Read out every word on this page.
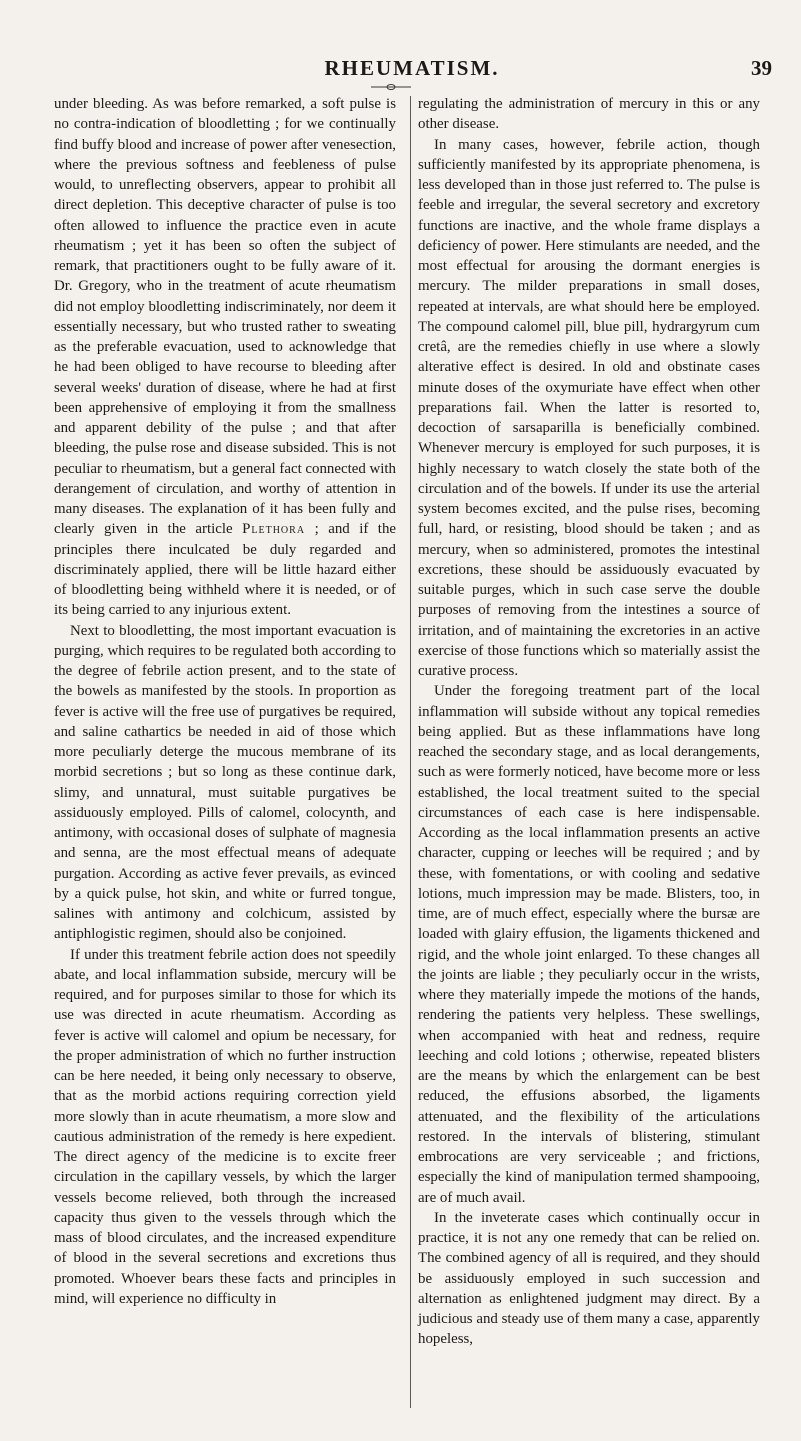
RHEUMATISM.	39

under bleeding. As was before remarked, a soft pulse is no contra-indication of bloodletting ; for we continually find buffy blood and increase of power after venesection, where the previous softness and feebleness of pulse would, to unreflecting observers, appear to prohibit all direct depletion. This deceptive character of pulse is too often allowed to influence the practice even in acute rheumatism ; yet it has been so often the subject of remark, that practitioners ought to be fully aware of it. Dr. Gregory, who in the treatment of acute rheumatism did not employ bloodletting indiscriminately, nor deem it essentially necessary, but who trusted rather to sweating as the preferable evacuation, used to acknowledge that he had been obliged to have recourse to bleeding after several weeks' duration of disease, where he had at first been apprehensive of employing it from the smallness and apparent debility of the pulse ; and that after bleeding, the pulse rose and disease subsided. This is not peculiar to rheumatism, but a general fact connected with derangement of circulation, and worthy of attention in many diseases. The explanation of it has been fully and clearly given in the article Plethora ; and if the principles there inculcated be duly regarded and discriminately applied, there will be little hazard either of bloodletting being withheld where it is needed, or of its being carried to any injurious extent.

Next to bloodletting, the most important evacuation is purging, which requires to be regulated both according to the degree of febrile action present, and to the state of the bowels as manifested by the stools. In proportion as fever is active will the free use of purgatives be required, and saline cathartics be needed in aid of those which more peculiarly deterge the mucous membrane of its morbid secretions ; but so long as these continue dark, slimy, and unnatural, must suitable purgatives be assiduously employed. Pills of calomel, colocynth, and antimony, with occasional doses of sulphate of magnesia and senna, are the most effectual means of adequate purgation. According as active fever prevails, as evinced by a quick pulse, hot skin, and white or furred tongue, salines with antimony and colchicum, assisted by antiphlogistic regimen, should also be conjoined.

If under this treatment febrile action does not speedily abate, and local inflammation subside, mercury will be required, and for purposes similar to those for which its use was directed in acute rheumatism. According as fever is active will calomel and opium be necessary, for the proper administration of which no further instruction can be here needed, it being only necessary to observe, that as the morbid actions requiring correction yield more slowly than in acute rheumatism, a more slow and cautious administration of the remedy is here expedient. The direct agency of the medicine is to excite freer circulation in the capillary vessels, by which the larger vessels become relieved, both through the increased capacity thus given to the vessels through which the mass of blood circulates, and the increased expenditure of blood in the several secretions and excretions thus promoted. Whoever bears these facts and principles in mind, will experience no difficulty in

regulating the administration of mercury in this or any other disease.

In many cases, however, febrile action, though sufficiently manifested by its appropriate phenomena, is less developed than in those just referred to. The pulse is feeble and irregular, the several secretory and excretory functions are inactive, and the whole frame displays a deficiency of power. Here stimulants are needed, and the most effectual for arousing the dormant energies is mercury. The milder preparations in small doses, repeated at intervals, are what should here be employed. The compound calomel pill, blue pill, hydrargyrum cum cretâ, are the remedies chiefly in use where a slowly alterative effect is desired. In old and obstinate cases minute doses of the oxymuriate have effect when other preparations fail. When the latter is resorted to, decoction of sarsaparilla is beneficially combined. Whenever mercury is employed for such purposes, it is highly necessary to watch closely the state both of the circulation and of the bowels. If under its use the arterial system becomes excited, and the pulse rises, becoming full, hard, or resisting, blood should be taken ; and as mercury, when so administered, promotes the intestinal excretions, these should be assiduously evacuated by suitable purges, which in such case serve the double purposes of removing from the intestines a source of irritation, and of maintaining the excretories in an active exercise of those functions which so materially assist the curative process.

Under the foregoing treatment part of the local inflammation will subside without any topical remedies being applied. But as these inflammations have long reached the secondary stage, and as local derangements, such as were formerly noticed, have become more or less established, the local treatment suited to the special circumstances of each case is here indispensable. According as the local inflammation presents an active character, cupping or leeches will be required ; and by these, with fomentations, or with cooling and sedative lotions, much impression may be made. Blisters, too, in time, are of much effect, especially where the bursæ are loaded with glairy effusion, the ligaments thickened and rigid, and the whole joint enlarged. To these changes all the joints are liable ; they peculiarly occur in the wrists, where they materially impede the motions of the hands, rendering the patients very helpless. These swellings, when accompanied with heat and redness, require leeching and cold lotions ; otherwise, repeated blisters are the means by which the enlargement can be best reduced, the effusions absorbed, the ligaments attenuated, and the flexibility of the articulations restored. In the intervals of blistering, stimulant embrocations are very serviceable ; and frictions, especially the kind of manipulation termed shampooing, are of much avail.

In the inveterate cases which continually occur in practice, it is not any one remedy that can be relied on. The combined agency of all is required, and they should be assiduously employed in such succession and alternation as enlightened judgment may direct. By a judicious and steady use of them many a case, apparently hopeless,
